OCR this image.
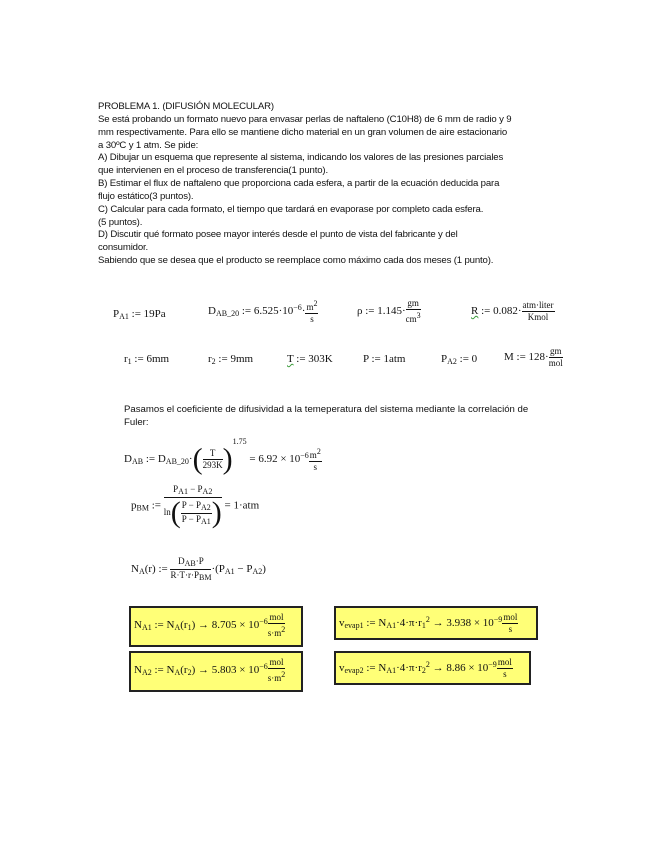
PROBLEMA 1. (DIFUSIÓN MOLECULAR)
Se está probando un formato nuevo para envasar perlas de naftaleno (C10H8) de 6 mm de radio y 9
mm respectivamente. Para ello se mantiene dicho material en un gran volumen de aire estacionario
a 30ºC y 1 atm. Se pide:
A) Dibujar un esquema que represente al sistema, indicando los valores de las presiones parciales
que intervienen en el proceso de transferencia(1 punto).
B) Estimar el flux de naftaleno que proporciona cada esfera, a partir de la ecuación deducida para
flujo estático(3 puntos).
C) Calcular para cada formato, el tiempo que tardará en evaporase por completo cada esfera.
(5 puntos).
D) Discutir qué formato posee mayor interés desde el punto de vista del fabricante y del
consumidor.
Sabiendo que se desea que el producto se reemplace como máximo cada dos meses (1 punto).
$P_{A1}$ := 19Pa	$D_{AB\_20}$ := $6.525\cdot 10^{-6}\cdot \frac{m^2}{s}$	ρ := $1.145\cdot \frac{gm}{cm^3}$	R := $0.082\cdot \frac{\text{atm·liter}}{\text{Kmol}}$
$r_1$ := 6mm	$r_2$ := 9mm	T := 303K	P := 1atm	$P_{A2}$ := 0 M := $128\cdot \frac{gm}{\text{mol}}$
Pasamos el coeficiente de difusividad a la temeperatura del sistema mediante la correlación de
Fuler:
$D_{AB}$ := $D_{AB\_20}\cdot( \frac{T}{293K} )^{1.75} = 6.92 \times 10^{-6} \frac{m^2}{s}$
$p_{BM}$ := $\frac{P_{A1} - P_{A2}}{\ln( \frac{P - P_{A2}}{P - P_{A1}} )} = 1\cdot atm$
$N_A(r)$ := $\frac{D_{AB}\cdot P}{R\cdot T\cdot r\cdot P_{BM}} \cdot(P_{A1} - P_{A2})$
$N_{A1}$ := $N_A(r_1) \to 8.705 \times 10^{-6} \frac{\text{mol}}{s\cdot m^2}$	$v_{evap1}$ := $N_{A1}\cdot 4\cdot\pi\cdot r_1^2 \to 3.938 \times 10^{-9} \frac{\text{mol}}{s}$
$N_{A2}$ := $N_A(r_2) \to 5.803 \times 10^{-6} \frac{\text{mol}}{s\cdot m^2}$	$v_{evap2}$ := $N_{A1}\cdot 4\cdot\pi\cdot r_2^2 \to 8.86 \times 10^{-9} \frac{\text{mol}}{s}$
